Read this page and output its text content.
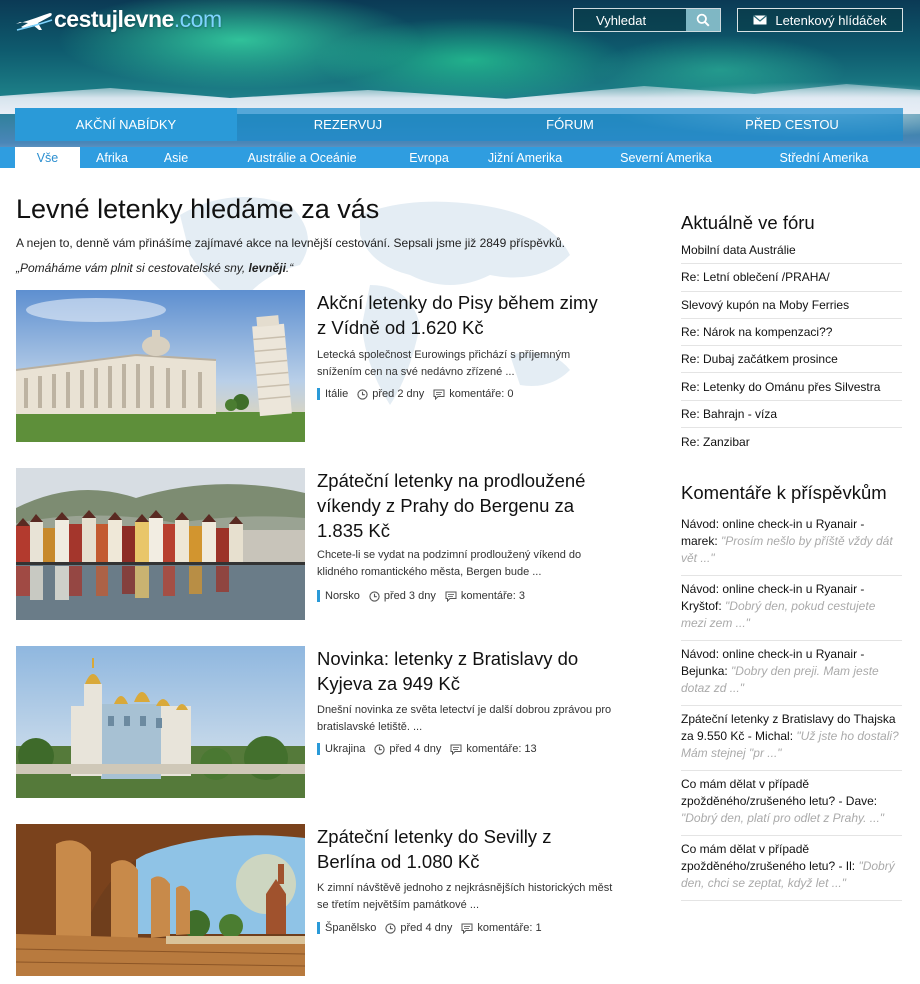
cestujlevne.com
Vyhledat	Letenkový hlídáček
AKČNÍ NABÍDKY	REZERVUJ	FÓRUM	PŘED CESTOU
Vše	Afrika	Asie	Austrálie a Oceánie	Evropa	Jižní Amerika	Severní Amerika	Střední Amerika
Levné letenky hledáme za vás

A nejen to, denně vám přinášíme zajímavé akce na levnější cestování. Sepsali jsme již 2849 příspěvků.

„Pomáháme vám plnit si cestovatelské sny, levněji.“

Akční letenky do Pisy během zimy z Vídně od 1.620 Kč
Letecká společnost Eurowings přichází s příjemným snížením cen na své nedávno zřízené ...
Itálie před 2 dny komentáře: 0
Zpáteční letenky na prodloužené víkendy z Prahy do Bergenu za 1.835 Kč
Chcete-li se vydat na podzimní prodloužený víkend do klidného romantického města, Bergen bude ...
Norsko před 3 dny komentáře: 3
Novinka: letenky z Bratislavy do Kyjeva za 949 Kč
Dnešní novinka ze světa letectví je další dobrou zprávou pro bratislavské letiště. ...
Ukrajina před 4 dny komentáře: 13
Zpáteční letenky do Sevilly z Berlína od 1.080 Kč
K zimní návštěvě jednoho z nejkrásnějších historických měst se třetím největším památkové ...
Španělsko před 4 dny komentáře: 1
Aktuálně ve fóru
Mobilní data Austrálie
Re: Letní oblečení /PRAHA/
Slevový kupón na Moby Ferries
Re: Nárok na kompenzaci??
Re: Dubaj začátkem prosince
Re: Letenky do Ománu přes Silvestra
Re: Bahrajn - víza
Re: Zanzibar
Komentáře k příspěvkům
Návod: online check-in u Ryanair - marek: "Prosím nešlo by příště vždy dát vět ..."
Návod: online check-in u Ryanair - Kryštof: "Dobrý den, pokud cestujete mezi zem ..."
Návod: online check-in u Ryanair - Bejunka: "Dobry den preji. Mam jeste dotaz zd ..."
Zpáteční letenky z Bratislavy do Thajska za 9.550 Kč - Michal: "Už jste ho dostali? Mám stejnej "pr ..."
Co mám dělat v případě zpožděného/zrušeného letu? - Dave: "Dobrý den, platí pro odlet z Prahy. ..."
Co mám dělat v případě zpožděného/zrušeného letu? - Il: "Dobrý den, chci se zeptat, když let ..."
